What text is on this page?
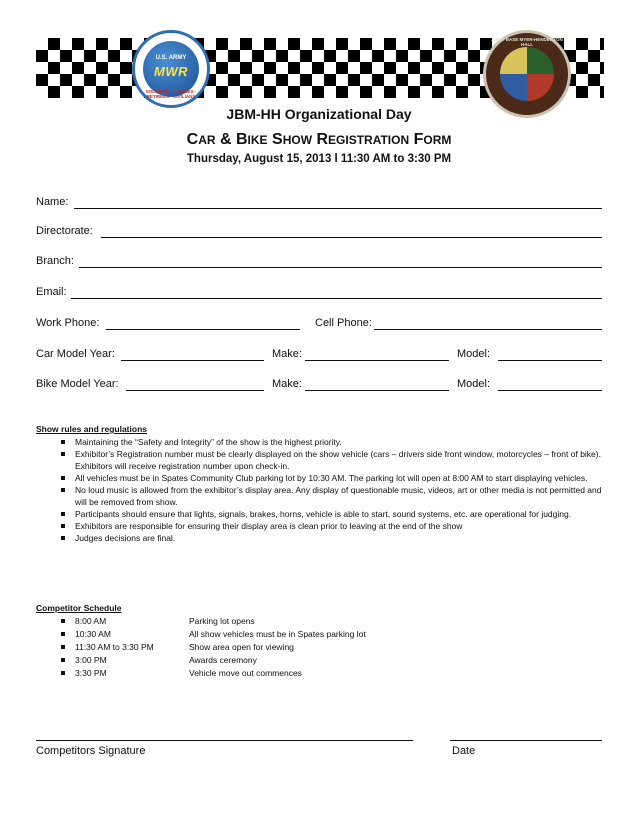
U.S. ARMY
MWR
SOLDIERS · FAMILIES · RETIREES · CIVILIANS
JOINT BASE MYER-HENDERSON HALL
JBM-HH Organizational Day
CAR & BIKE SHOW REGISTRATION FORM
Thursday, August 15, 2013 l 11:30 AM to 3:30 PM
Name:
Directorate:
Branch:
Email:
Work Phone:	Cell Phone:
Car Model Year:	Make:	Model:
Bike Model Year:	Make:	Model:
Show rules and regulations
Maintaining the “Safety and Integrity” of the show is the highest priority.
Exhibitor’s Registration number must be clearly displayed on the show vehicle (cars – drivers side front window, motorcycles – front of bike). Exhibitors will receive registration number upon check-in.
All vehicles must be in Spates Community Club parking lot by 10:30 AM. The parking lot will open at 8:00 AM to start displaying vehicles.
No loud music is allowed from the exhibitor’s display area. Any display of questionable music, videos, art or other media is not permitted and will be removed from show.
Participants should ensure that lights, signals, brakes, horns, vehicle is able to start, sound systems, etc. are operational for judging.
Exhibitors are responsible for ensuring their display area is clean prior to leaving at the end of the show
Judges decisions are final.
Competitor Schedule
8:00 AM	Parking lot opens
10:30 AM	All show vehicles must be in Spates parking lot
11:30 AM to 3:30 PM	Show area open for viewing
3:00 PM	Awards ceremony
3:30 PM	Vehicle move out commences
Competitors Signature	Date
